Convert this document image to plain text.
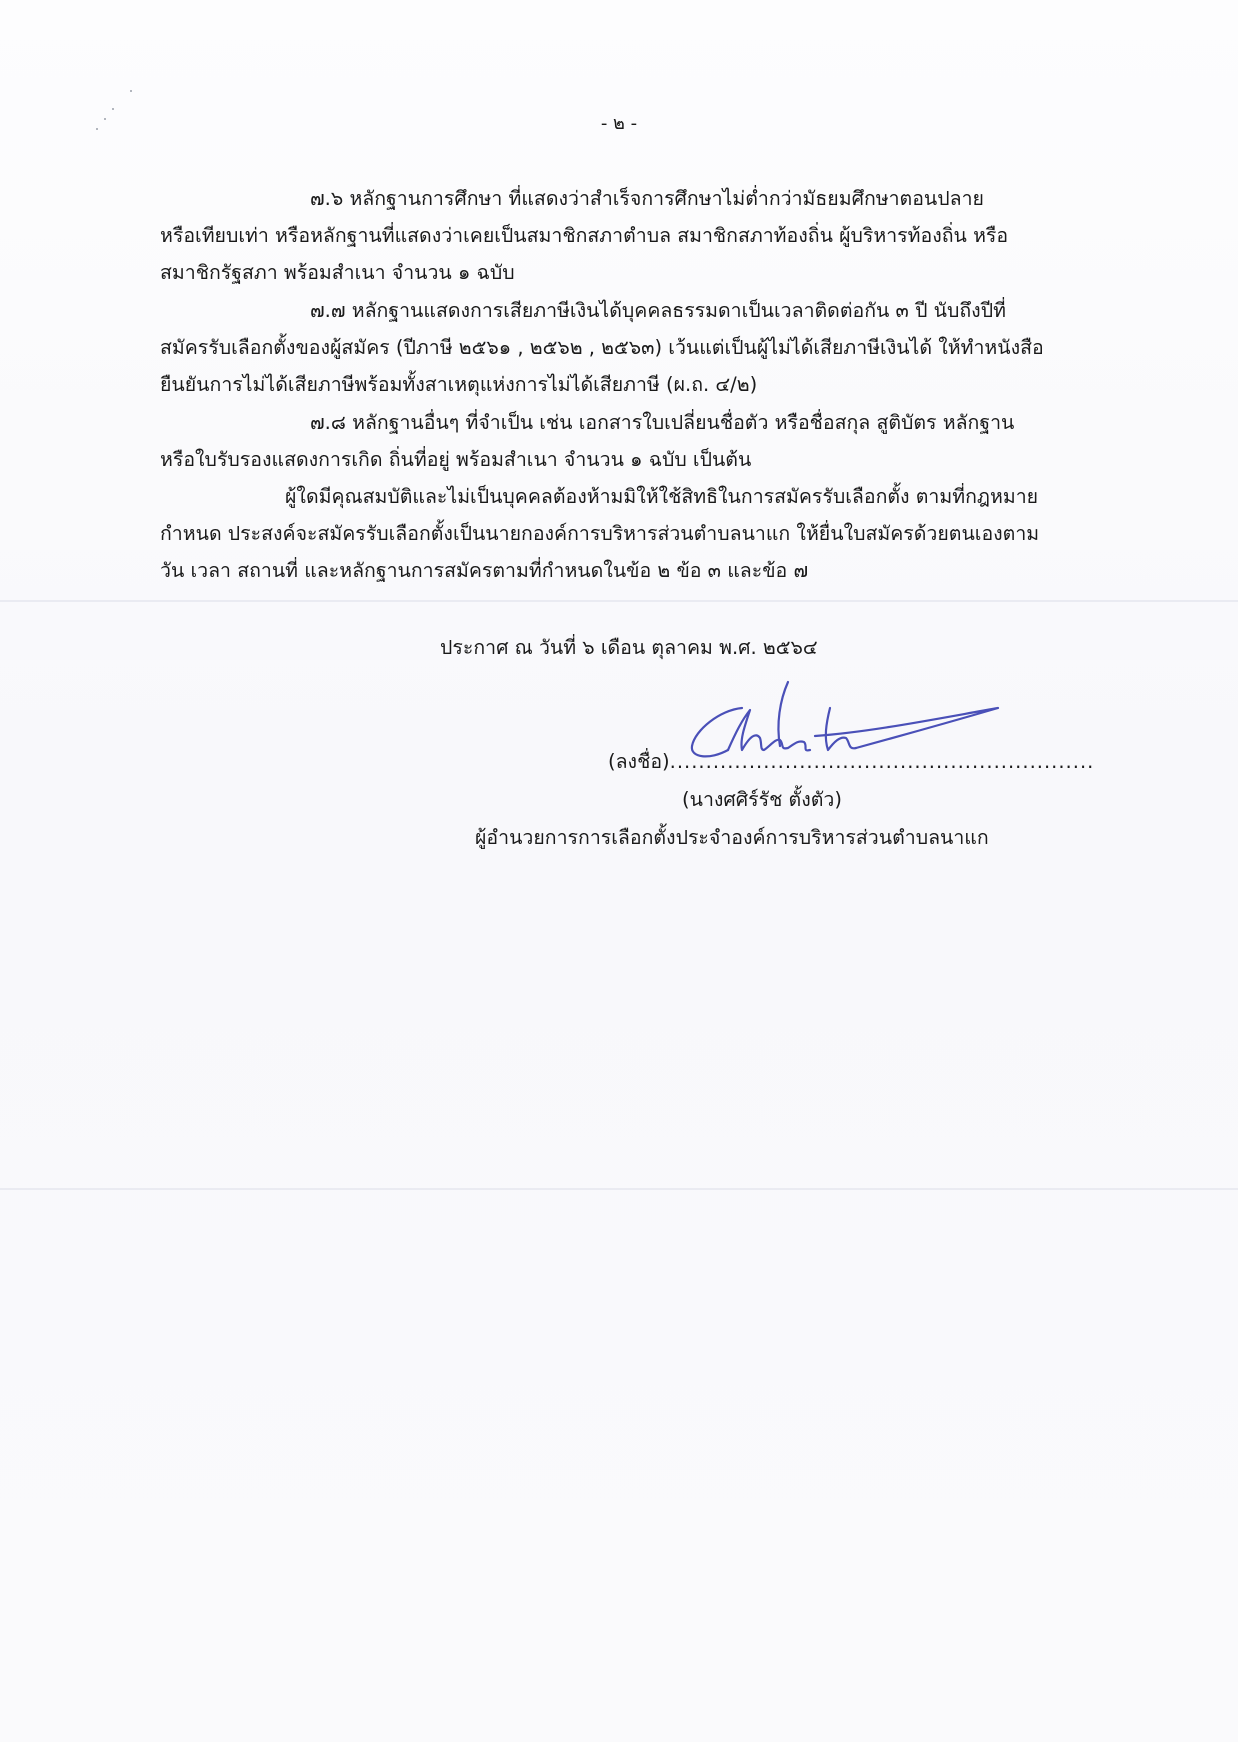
- ๒ -
๗.๖ หลักฐานการศึกษา ที่แสดงว่าสำเร็จการศึกษาไม่ต่ำกว่ามัธยมศึกษาตอนปลาย
หรือเทียบเท่า หรือหลักฐานที่แสดงว่าเคยเป็นสมาชิกสภาตำบล สมาชิกสภาท้องถิ่น ผู้บริหารท้องถิ่น หรือ
สมาชิกรัฐสภา พร้อมสำเนา จำนวน ๑ ฉบับ
๗.๗ หลักฐานแสดงการเสียภาษีเงินได้บุคคลธรรมดาเป็นเวลาติดต่อกัน ๓ ปี นับถึงปีที่
สมัครรับเลือกตั้งของผู้สมัคร (ปีภาษี ๒๕๖๑ , ๒๕๖๒ , ๒๕๖๓) เว้นแต่เป็นผู้ไม่ได้เสียภาษีเงินได้ ให้ทำหนังสือ
ยืนยันการไม่ได้เสียภาษีพร้อมทั้งสาเหตุแห่งการไม่ได้เสียภาษี (ผ.ถ. ๔/๒)
๗.๘ หลักฐานอื่นๆ ที่จำเป็น เช่น เอกสารใบเปลี่ยนชื่อตัว หรือชื่อสกุล สูติบัตร หลักฐาน
หรือใบรับรองแสดงการเกิด ถิ่นที่อยู่ พร้อมสำเนา จำนวน ๑ ฉบับ เป็นต้น
ผู้ใดมีคุณสมบัติและไม่เป็นบุคคลต้องห้ามมิให้ใช้สิทธิในการสมัครรับเลือกตั้ง ตามที่กฎหมาย
กำหนด ประสงค์จะสมัครรับเลือกตั้งเป็นนายกองค์การบริหารส่วนตำบลนาแก ให้ยื่นใบสมัครด้วยตนเองตาม
วัน เวลา สถานที่ และหลักฐานการสมัครตามที่กำหนดในข้อ ๒ ข้อ ๓ และข้อ ๗
ประกาศ ณ วันที่ ๖ เดือน ตุลาคม พ.ศ. ๒๕๖๔
(ลงชื่อ)...........................................................
(นางศศิร์รัช ตั้งตัว)
ผู้อำนวยการการเลือกตั้งประจำองค์การบริหารส่วนตำบลนาแก
